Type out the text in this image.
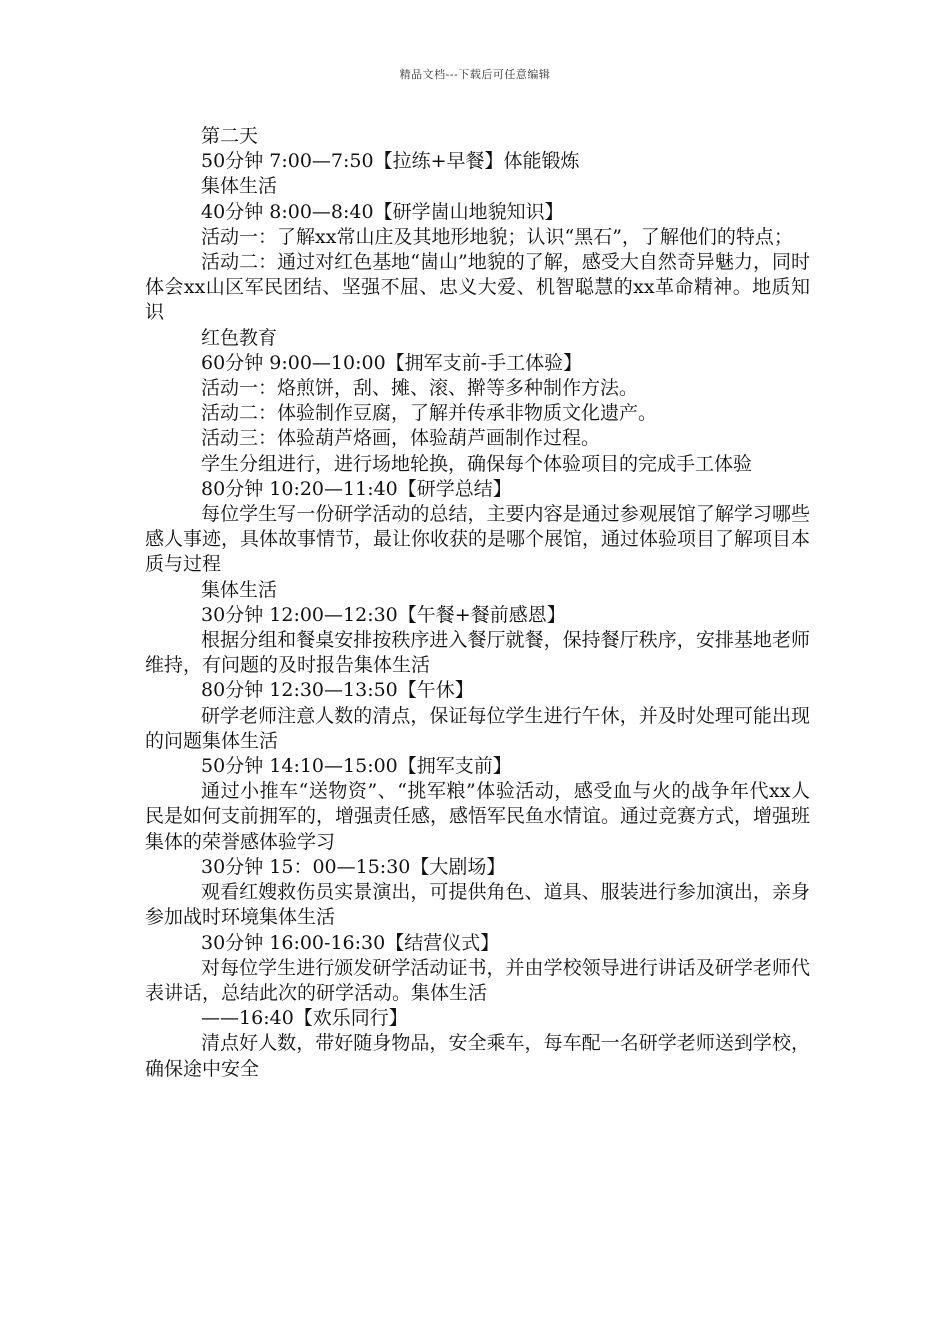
精品文档---下载后可任意编辑

第二天

50分钟 7:00—7:50【拉练+早餐】体能锻炼

集体生活

40分钟 8:00—8:40【研学崮山地貌知识】

活动一：了解xx常山庄及其地形地貌；认识“黑石”，了解他们的特点；

活动二：通过对红色基地“崮山”地貌的了解，感受大自然奇异魅力，同时体会xx山区军民团结、坚强不屈、忠义大爱、机智聪慧的xx革命精神。地质知识

红色教育

60分钟 9:00—10:00【拥军支前-手工体验】

活动一：烙煎饼，刮、摊、滚、擀等多种制作方法。

活动二：体验制作豆腐，了解并传承非物质文化遗产。

活动三：体验葫芦烙画，体验葫芦画制作过程。

学生分组进行，进行场地轮换，确保每个体验项目的完成手工体验

80分钟 10:20—11:40【研学总结】

每位学生写一份研学活动的总结，主要内容是通过参观展馆了解学习哪些感人事迹，具体故事情节，最让你收获的是哪个展馆，通过体验项目了解项目本质与过程

集体生活

30分钟 12:00—12:30【午餐+餐前感恩】

根据分组和餐桌安排按秩序进入餐厅就餐，保持餐厅秩序，安排基地老师维持，有问题的及时报告集体生活

80分钟 12:30—13:50【午休】

研学老师注意人数的清点，保证每位学生进行午休，并及时处理可能出现的问题集体生活

50分钟 14:10—15:00【拥军支前】

通过小推车“送物资”、“挑军粮”体验活动，感受血与火的战争年代xx人民是如何支前拥军的，增强责任感，感悟军民鱼水情谊。通过竞赛方式，增强班集体的荣誉感体验学习

30分钟 15：00—15:30【大剧场】

观看红嫂救伤员实景演出，可提供角色、道具、服装进行参加演出，亲身参加战时环境集体生活

30分钟 16:00-16:30【结营仪式】

对每位学生进行颁发研学活动证书，并由学校领导进行讲话及研学老师代表讲话，总结此次的研学活动。集体生活

——16:40【欢乐同行】

清点好人数，带好随身物品，安全乘车，每车配一名研学老师送到学校，确保途中安全
